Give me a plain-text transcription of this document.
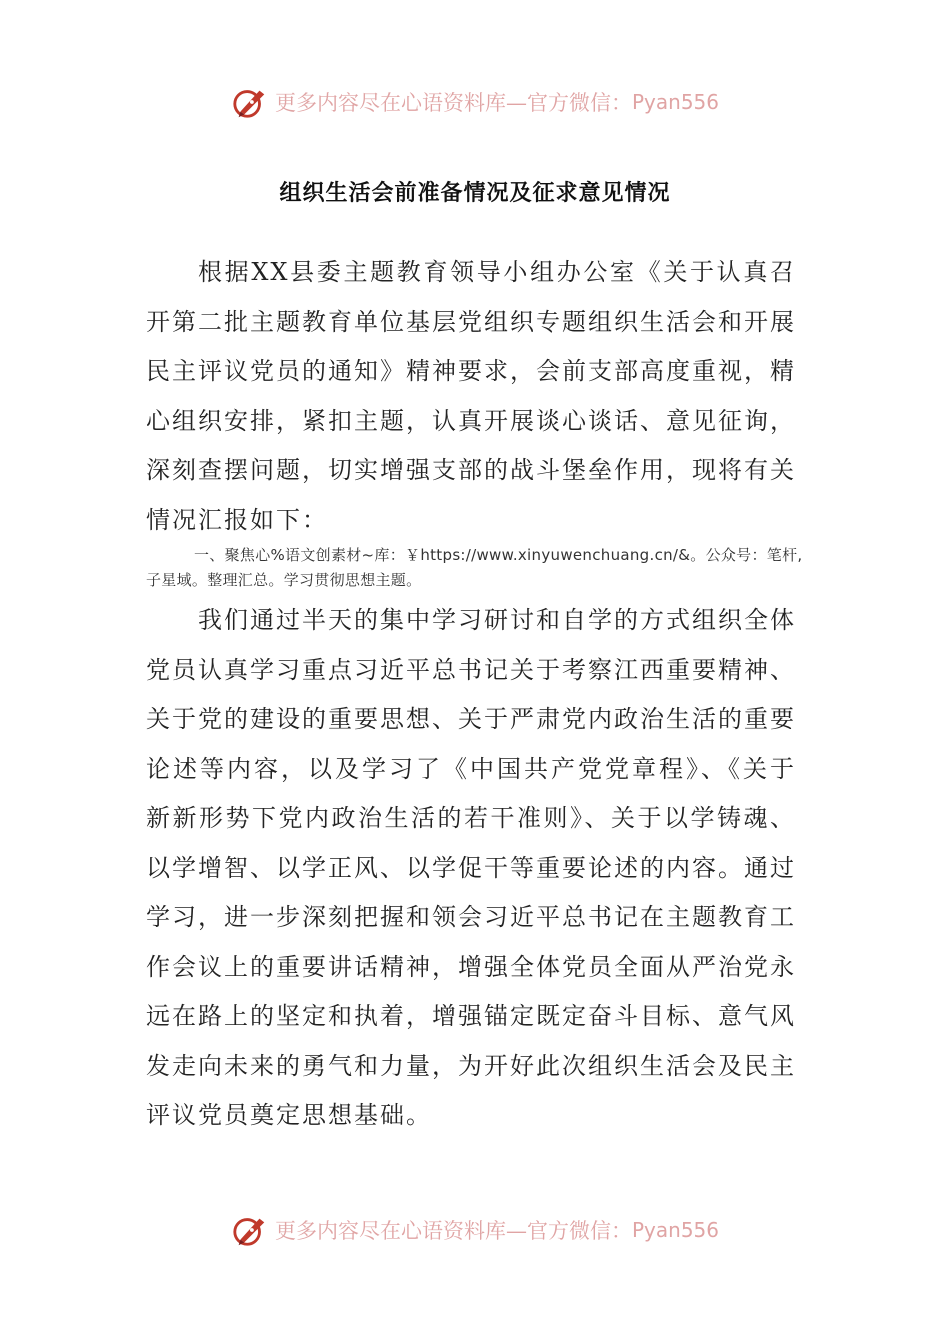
更多内容尽在心语资料库—官方微信： Pyan556
组织生活会前准备情况及征求意见情况

根据XX县委主题教育领导小组办公室《关于认真召开第二批主题教育单位基层党组织专题组织生活会和开展民主评议党员的通知》精神要求，会前支部高度重视，精心组织安排，紧扣主题，认真开展谈心谈话、意见征询，深刻查摆问题，切实增强支部的战斗堡垒作用，现将有关情况汇报如下：

一、聚焦心%语文创素材~库：￥https://www.xinyuwenchuang.cn/&。公众号：笔杆,子星域。整理汇总。学习贯彻思想主题。

我们通过半天的集中学习研讨和自学的方式组织全体党员认真学习重点习近平总书记关于考察江西重要精神、关于党的建设的重要思想、关于严肃党内政治生活的重要论述等内容，以及学习了《中国共产党党章程》、《关于新新形势下党内政治生活的若干准则》、关于以学铸魂、以学增智、以学正风、以学促干等重要论述的内容。通过学习，进一步深刻把握和领会习近平总书记在主题教育工作会议上的重要讲话精神，增强全体党员全面从严治党永远在路上的坚定和执着，增强锚定既定奋斗目标、意气风发走向未来的勇气和力量，为开好此次组织生活会及民主评议党员奠定思想基础。

更多内容尽在心语资料库—官方微信： Pyan556
